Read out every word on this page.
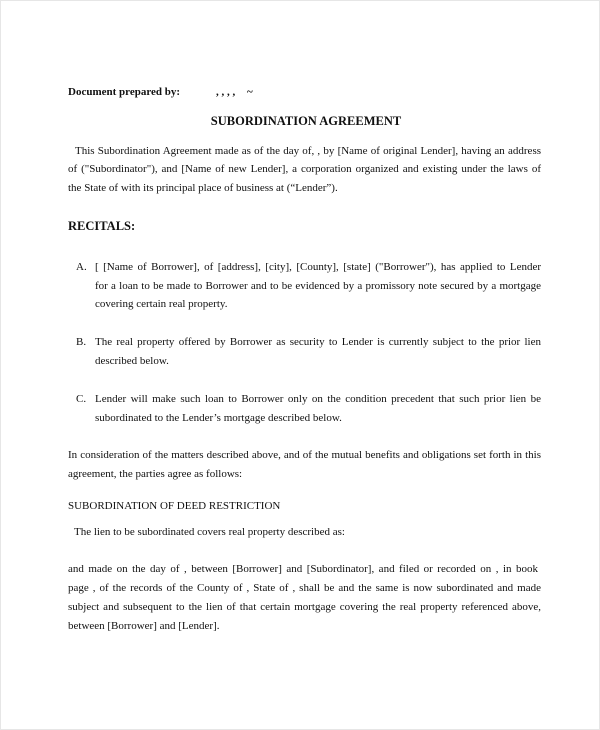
Document prepared by:	, , , , ~
SUBORDINATION AGREEMENT
This Subordination Agreement made as of the day of, , by [Name of original Lender], having an address
of ("Subordinator"), and [Name of new Lender], a corporation organized and existing under the laws of
the State of with its principal place of business at (“Lender”).
RECITALS:
A. [ [Name of Borrower], of [address], [city], [County], [state] ("Borrower"), has applied to Lender
for a loan to be made to Borrower and to be evidenced by a promissory note secured by a mortgage
covering certain real property.
B. The real property offered by Borrower as security to Lender is currently subject to the prior lien
described below.
C. Lender will make such loan to Borrower only on the condition precedent that such prior lien be
subordinated to the Lender’s mortgage described below.
In consideration of the matters described above, and of the mutual benefits and obligations set forth in this
agreement, the parties agree as follows:
SUBORDINATION OF DEED RESTRICTION
The lien to be subordinated covers real property described as:
and made on the day of , between [Borrower] and [Subordinator], and filed or recorded on , in book
page , of the records of the County of , State of , shall be and the same is now subordinated and made
subject and subsequent to the lien of that certain mortgage covering the real property referenced above,
between [Borrower] and [Lender].
